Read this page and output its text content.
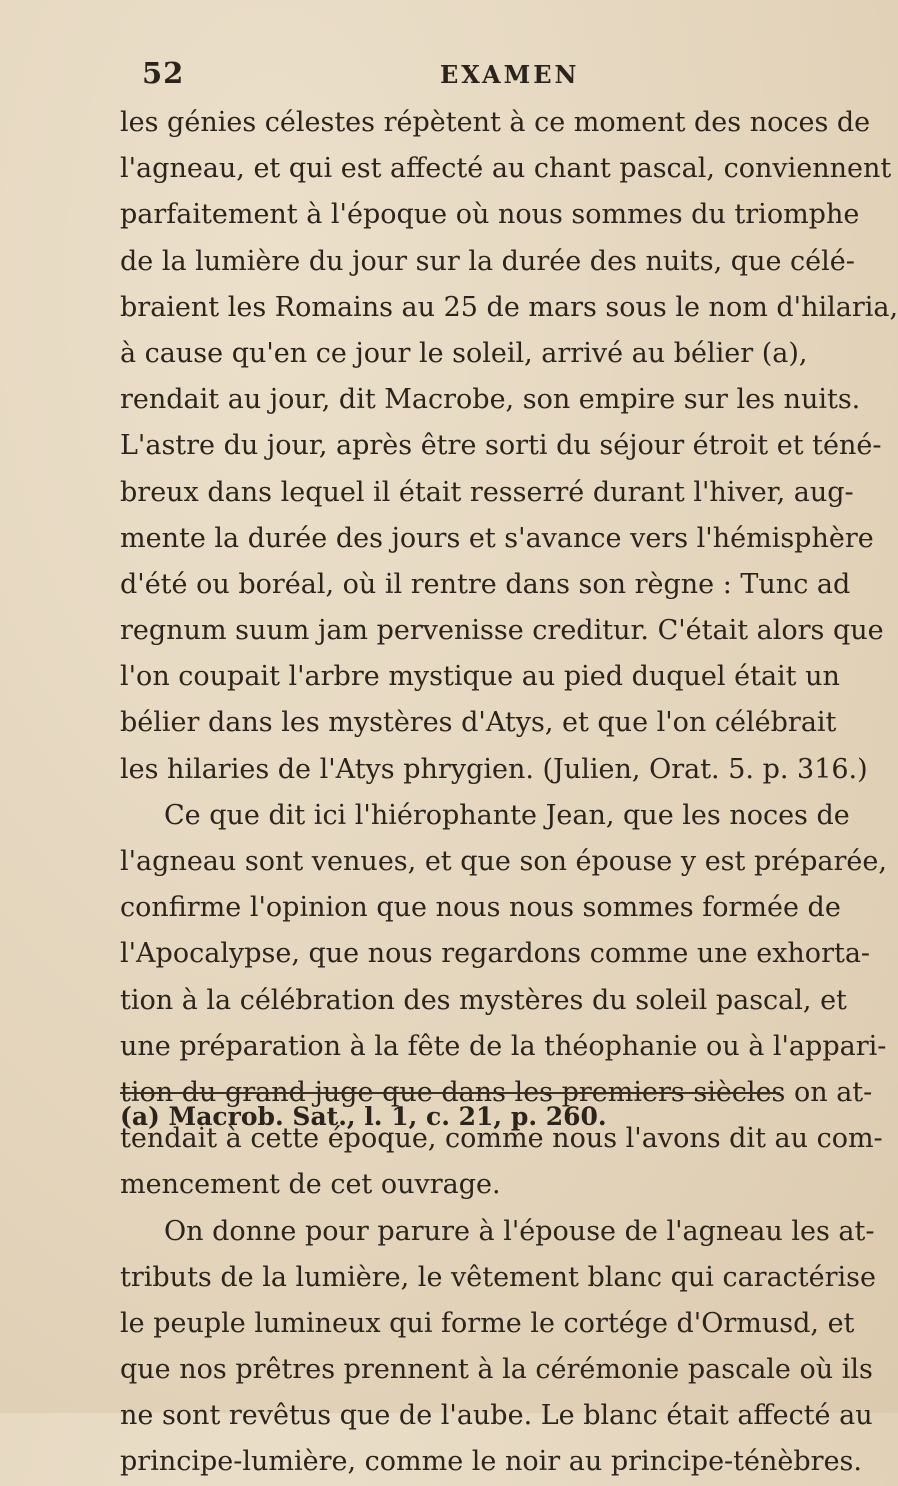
52	EXAMEN
les génies célestes répètent à ce moment des noces de
l'agneau, et qui est affecté au chant pascal, conviennent
parfaitement à l'époque où nous sommes du triomphe
de la lumière du jour sur la durée des nuits, que célé-
braient les Romains au 25 de mars sous le nom d'hilaria,
à cause qu'en ce jour le soleil, arrivé au bélier (a),
rendait au jour, dit Macrobe, son empire sur les nuits.
L'astre du jour, après être sorti du séjour étroit et téné-
breux dans lequel il était resserré durant l'hiver, aug-
mente la durée des jours et s'avance vers l'hémisphère
d'été ou boréal, où il rentre dans son règne : Tunc ad
regnum suum jam pervenisse creditur. C'était alors que
l'on coupait l'arbre mystique au pied duquel était un
bélier dans les mystères d'Atys, et que l'on célébrait
les hilaries de l'Atys phrygien. (Julien, Orat. 5. p. 316.)
Ce que dit ici l'hiérophante Jean, que les noces de
l'agneau sont venues, et que son épouse y est préparée,
confirme l'opinion que nous nous sommes formée de
l'Apocalypse, que nous regardons comme une exhorta-
tion à la célébration des mystères du soleil pascal, et
une préparation à la fête de la théophanie ou à l'appari-
tion du grand juge que dans les premiers siècles on at-
tendait à cette époque, comme nous l'avons dit au com-
mencement de cet ouvrage.
On donne pour parure à l'épouse de l'agneau les at-
tributs de la lumière, le vêtement blanc qui caractérise
le peuple lumineux qui forme le cortége d'Ormusd, et
que nos prêtres prennent à la cérémonie pascale où ils
ne sont revêtus que de l'aube. Le blanc était affecté au
principe-lumière, comme le noir au principe-ténèbres.
(a) Macrob. Sat., l. 1, c. 21, p. 260.
